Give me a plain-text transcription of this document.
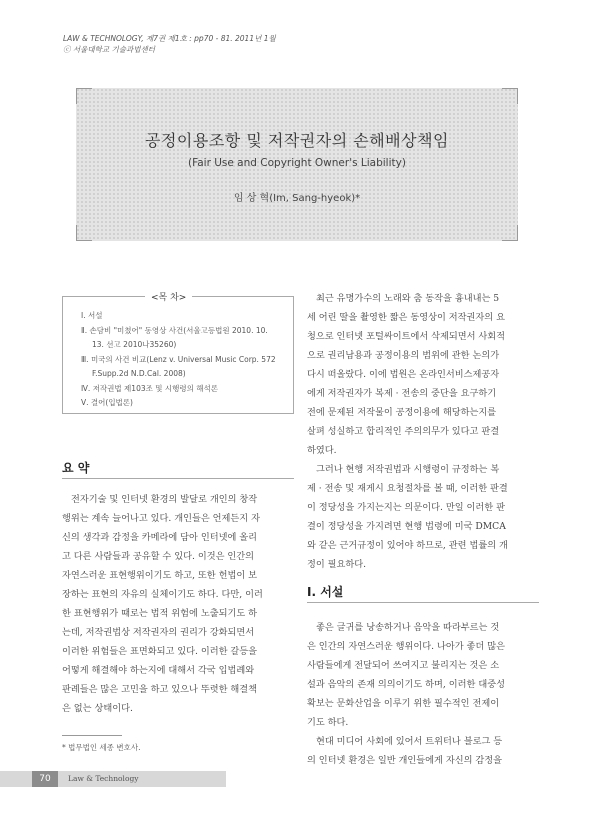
LAW & TECHNOLOGY, 제7권 제1호 : pp70 - 81. 2011년 1월
ⓒ 서울대학교 기술과법센터
공정이용조항 및 저작권자의 손해배상책임
(Fair Use and Copyright Owner's Liability)
임 상 혁(Im, Sang-hyeok)*
<목 차>
Ⅰ. 서설
Ⅱ. 손담비 "미쳤어" 동영상 사건(서울고등법원 2010. 10.
13. 선고 2010나35260)
Ⅲ. 미국의 사건 비교(Lenz v. Universal Music Corp. 572
F.Supp.2d N.D.Cal. 2008)
Ⅳ. 저작권법 제103조 및 시행령의 해석론
Ⅴ. 결어(입법론)
요 약
전자기술 및 인터넷 환경의 발달로 개인의 창작
행위는 계속 늘어나고 있다. 개인들은 언제든지 자
신의 생각과 감정을 카메라에 담아 인터넷에 올리
고 다른 사람들과 공유할 수 있다. 이것은 인간의
자연스러운 표현행위이기도 하고, 또한 헌법이 보
장하는 표현의 자유의 실체이기도 하다. 다만, 이러
한 표현행위가 때로는 법적 위험에 노출되기도 하
는데, 저작권법상 저작권자의 권리가 강화되면서
이러한 위험들은 표면화되고 있다. 이러한 갈등을
어떻게 해결해야 하는지에 대해서 각국 입법례와
판례들은 많은 고민을 하고 있으나 뚜렷한 해결책
은 없는 상태이다.
최근 유명가수의 노래와 춤 동작을 흉내내는 5
세 어린 딸을 촬영한 짧은 동영상이 저작권자의 요
청으로 인터넷 포털싸이트에서 삭제되면서 사회적
으로 권리남용과 공정이용의 범위에 관한 논의가
다시 떠올랐다. 이에 법원은 온라인서비스제공자
에게 저작권자가 복제 · 전송의 중단을 요구하기
전에 문제된 저작물이 공정이용에 해당하는지를
살펴 성실하고 합리적인 주의의무가 있다고 판결
하였다.
그러나 현행 저작권법과 시행령이 규정하는 복
제 · 전송 및 재게시 요청절차를 볼 때, 이러한 판결
이 정당성을 가지는지는 의문이다. 만일 이러한 판
결이 정당성을 가지려면 현행 법령에 미국 DMCA
와 같은 근거규정이 있어야 하므로, 관련 법률의 개
정이 필요하다.
Ⅰ. 서설
좋은 글귀를 낭송하거나 음악을 따라부르는 것
은 인간의 자연스러운 행위이다. 나아가 좋더 많은
사람들에게 전달되어 쓰여지고 불리지는 것은 소
설과 음악의 존재 의의이기도 하며, 이러한 대중성
확보는 문화산업을 이루기 위한 필수적인 전제이
기도 하다.
현대 미디어 사회에 있어서 트위터나 블로그 등
의 인터넷 환경은 일반 개인들에게 자신의 감정을
* 법무법인 세종 변호사.
70	Law & Technology
